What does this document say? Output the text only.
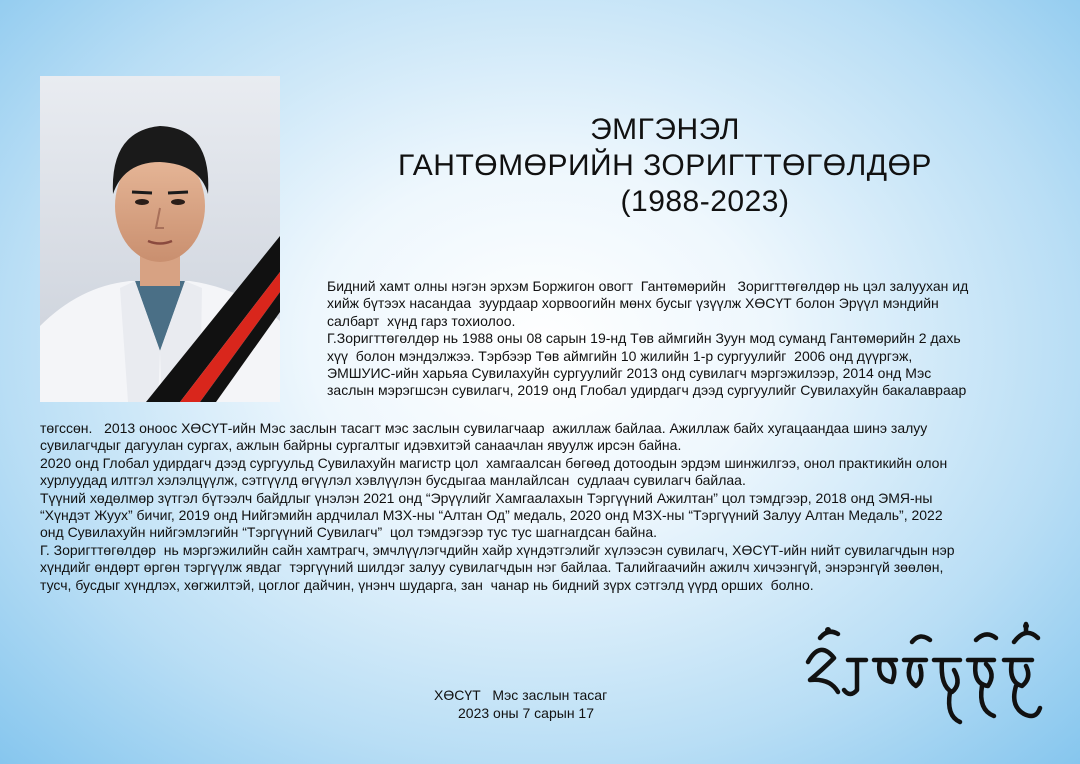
ЭМГЭНЭЛ
ГАНТӨМӨРИЙН ЗОРИГТТӨГӨЛДӨР
(1988-2023)

Бидний хамт олны нэгэн эрхэм Боржигон овогт  Гантөмөрийн   Зоригттөгөлдөр нь цэл залуухан ид

хийж бүтээх насандаа  зуурдаар хорвоогийн мөнх бусыг үзүүлж ХӨСҮТ болон Эрүүл мэндийн

салбарт  хүнд гарз тохиолоо.

Г.Зоригттөгөлдөр нь 1988 оны 08 сарын 19-нд Төв аймгийн Зуун мод суманд Гантөмөрийн 2 дахь

хүү  болон мэндэлжээ. Тэрбээр Төв аймгийн 10 жилийн 1-р сургуулийг  2006 онд дүүргэж,

ЭМШУИС-ийн харьяа Сувилахуйн сургуулийг 2013 онд сувилагч мэргэжилээр, 2014 онд Мэс

заслын мэрэгшсэн сувилагч, 2019 онд Глобал удирдагч дээд сургуулийг Сувилахуйн бакалавраар

төгссөн.   2013 оноос ХӨСҮТ-ийн Мэс заслын тасагт мэс заслын сувилагчаар  ажиллаж байлаа. Ажиллаж байх хугацаандаа шинэ залуу

сувилагчдыг дагуулан сургах, ажлын байрны сургалтыг идэвхитэй санаачлан явуулж ирсэн байна.

2020 онд Глобал удирдагч дээд сургуульд Сувилахуйн магистр цол  хамгаалсан бөгөөд дотоодын эрдэм шинжилгээ, онол практикийн олон

хурлуудад илтгэл хэлэлцүүлж, сэтгүүлд өгүүлэл хэвлүүлэн бусдыгаа манлайлсан  судлаач сувилагч байлаа.

Түүний хөдөлмөр зүтгэл бүтээлч байдлыг үнэлэн 2021 онд “Эрүүлийг Хамгаалахын Тэргүүний Ажилтан” цол тэмдгээр, 2018 онд ЭМЯ-ны

“Хүндэт Жуух” бичиг, 2019 онд Нийгэмийн ардчилал МЗХ-ны “Алтан Од” медаль, 2020 онд МЗХ-ны “Тэргүүний Залуу Алтан Медаль”, 2022

онд Сувилахуйн нийгэмлэгийн “Тэргүүний Сувилагч”  цол тэмдэгээр тус тус шагнагдсан байна.

Г. Зоригттөгөлдөр  нь мэргэжилийн сайн хамтрагч, эмчлүүлэгчдийн хайр хүндэтгэлийг хүлээсэн сувилагч, ХӨСҮТ-ийн нийт сувилагчдын нэр

хүндийг өндөрт өргөн тэргүүлж явдаг  тэргүүний шилдэг залуу сувилагчдын нэг байлаа. Талийгаачийн ажилч хичээнгүй, энэрэнгүй зөөлөн,

тусч, бусдыг хүндлэх, хөгжилтэй, цоглог дайчин, үнэнч шударга, зан  чанар нь бидний зүрх сэтгэлд үүрд орших  болно.

ХӨСҮТ   Мэс заслын тасаг
2023 оны 7 сарын 17
